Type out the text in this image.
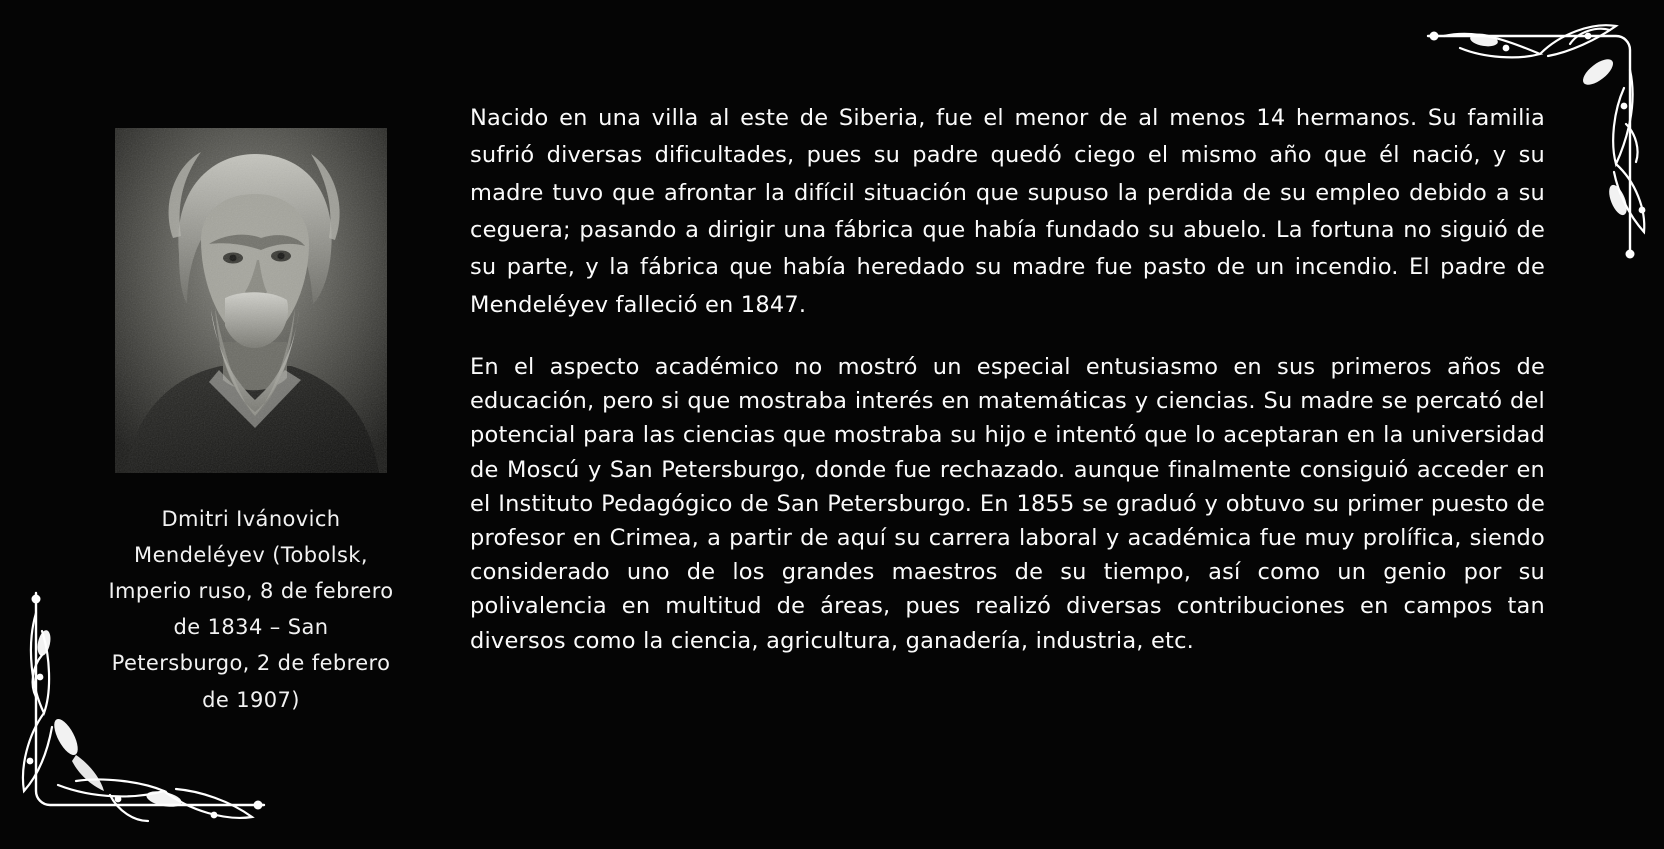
Dmitri Ivánovich Mendeléyev (Tobolsk, Imperio ruso, 8 de febrero de 1834 – San Petersburgo, 2 de febrero de 1907)

Nacido en una villa al este de Siberia, fue el menor de al menos 14 hermanos. Su familia sufrió diversas dificultades, pues su padre quedó ciego el mismo año que él nació, y su madre tuvo que afrontar la difícil situación que supuso la perdida de su empleo debido a su ceguera; pasando a dirigir una fábrica que había fundado su abuelo. La fortuna no siguió de su parte, y la fábrica que había heredado su madre fue pasto de un incendio. El padre de Mendeléyev falleció en 1847.

En el aspecto académico no mostró un especial entusiasmo en sus primeros años de educación, pero si que mostraba interés en matemáticas y ciencias. Su madre se percató del potencial para las ciencias que mostraba su hijo e intentó que lo aceptaran en la universidad de Moscú y San Petersburgo, donde fue rechazado. aunque finalmente consiguió acceder en el Instituto Pedagógico de San Petersburgo. En 1855 se graduó y obtuvo su primer puesto de profesor en Crimea, a partir de aquí su carrera laboral y académica fue muy prolífica, siendo considerado uno de los grandes maestros de su tiempo, así como un genio por su polivalencia en multitud de áreas, pues realizó diversas contribuciones en campos tan diversos como la ciencia, agricultura, ganadería, industria, etc.
